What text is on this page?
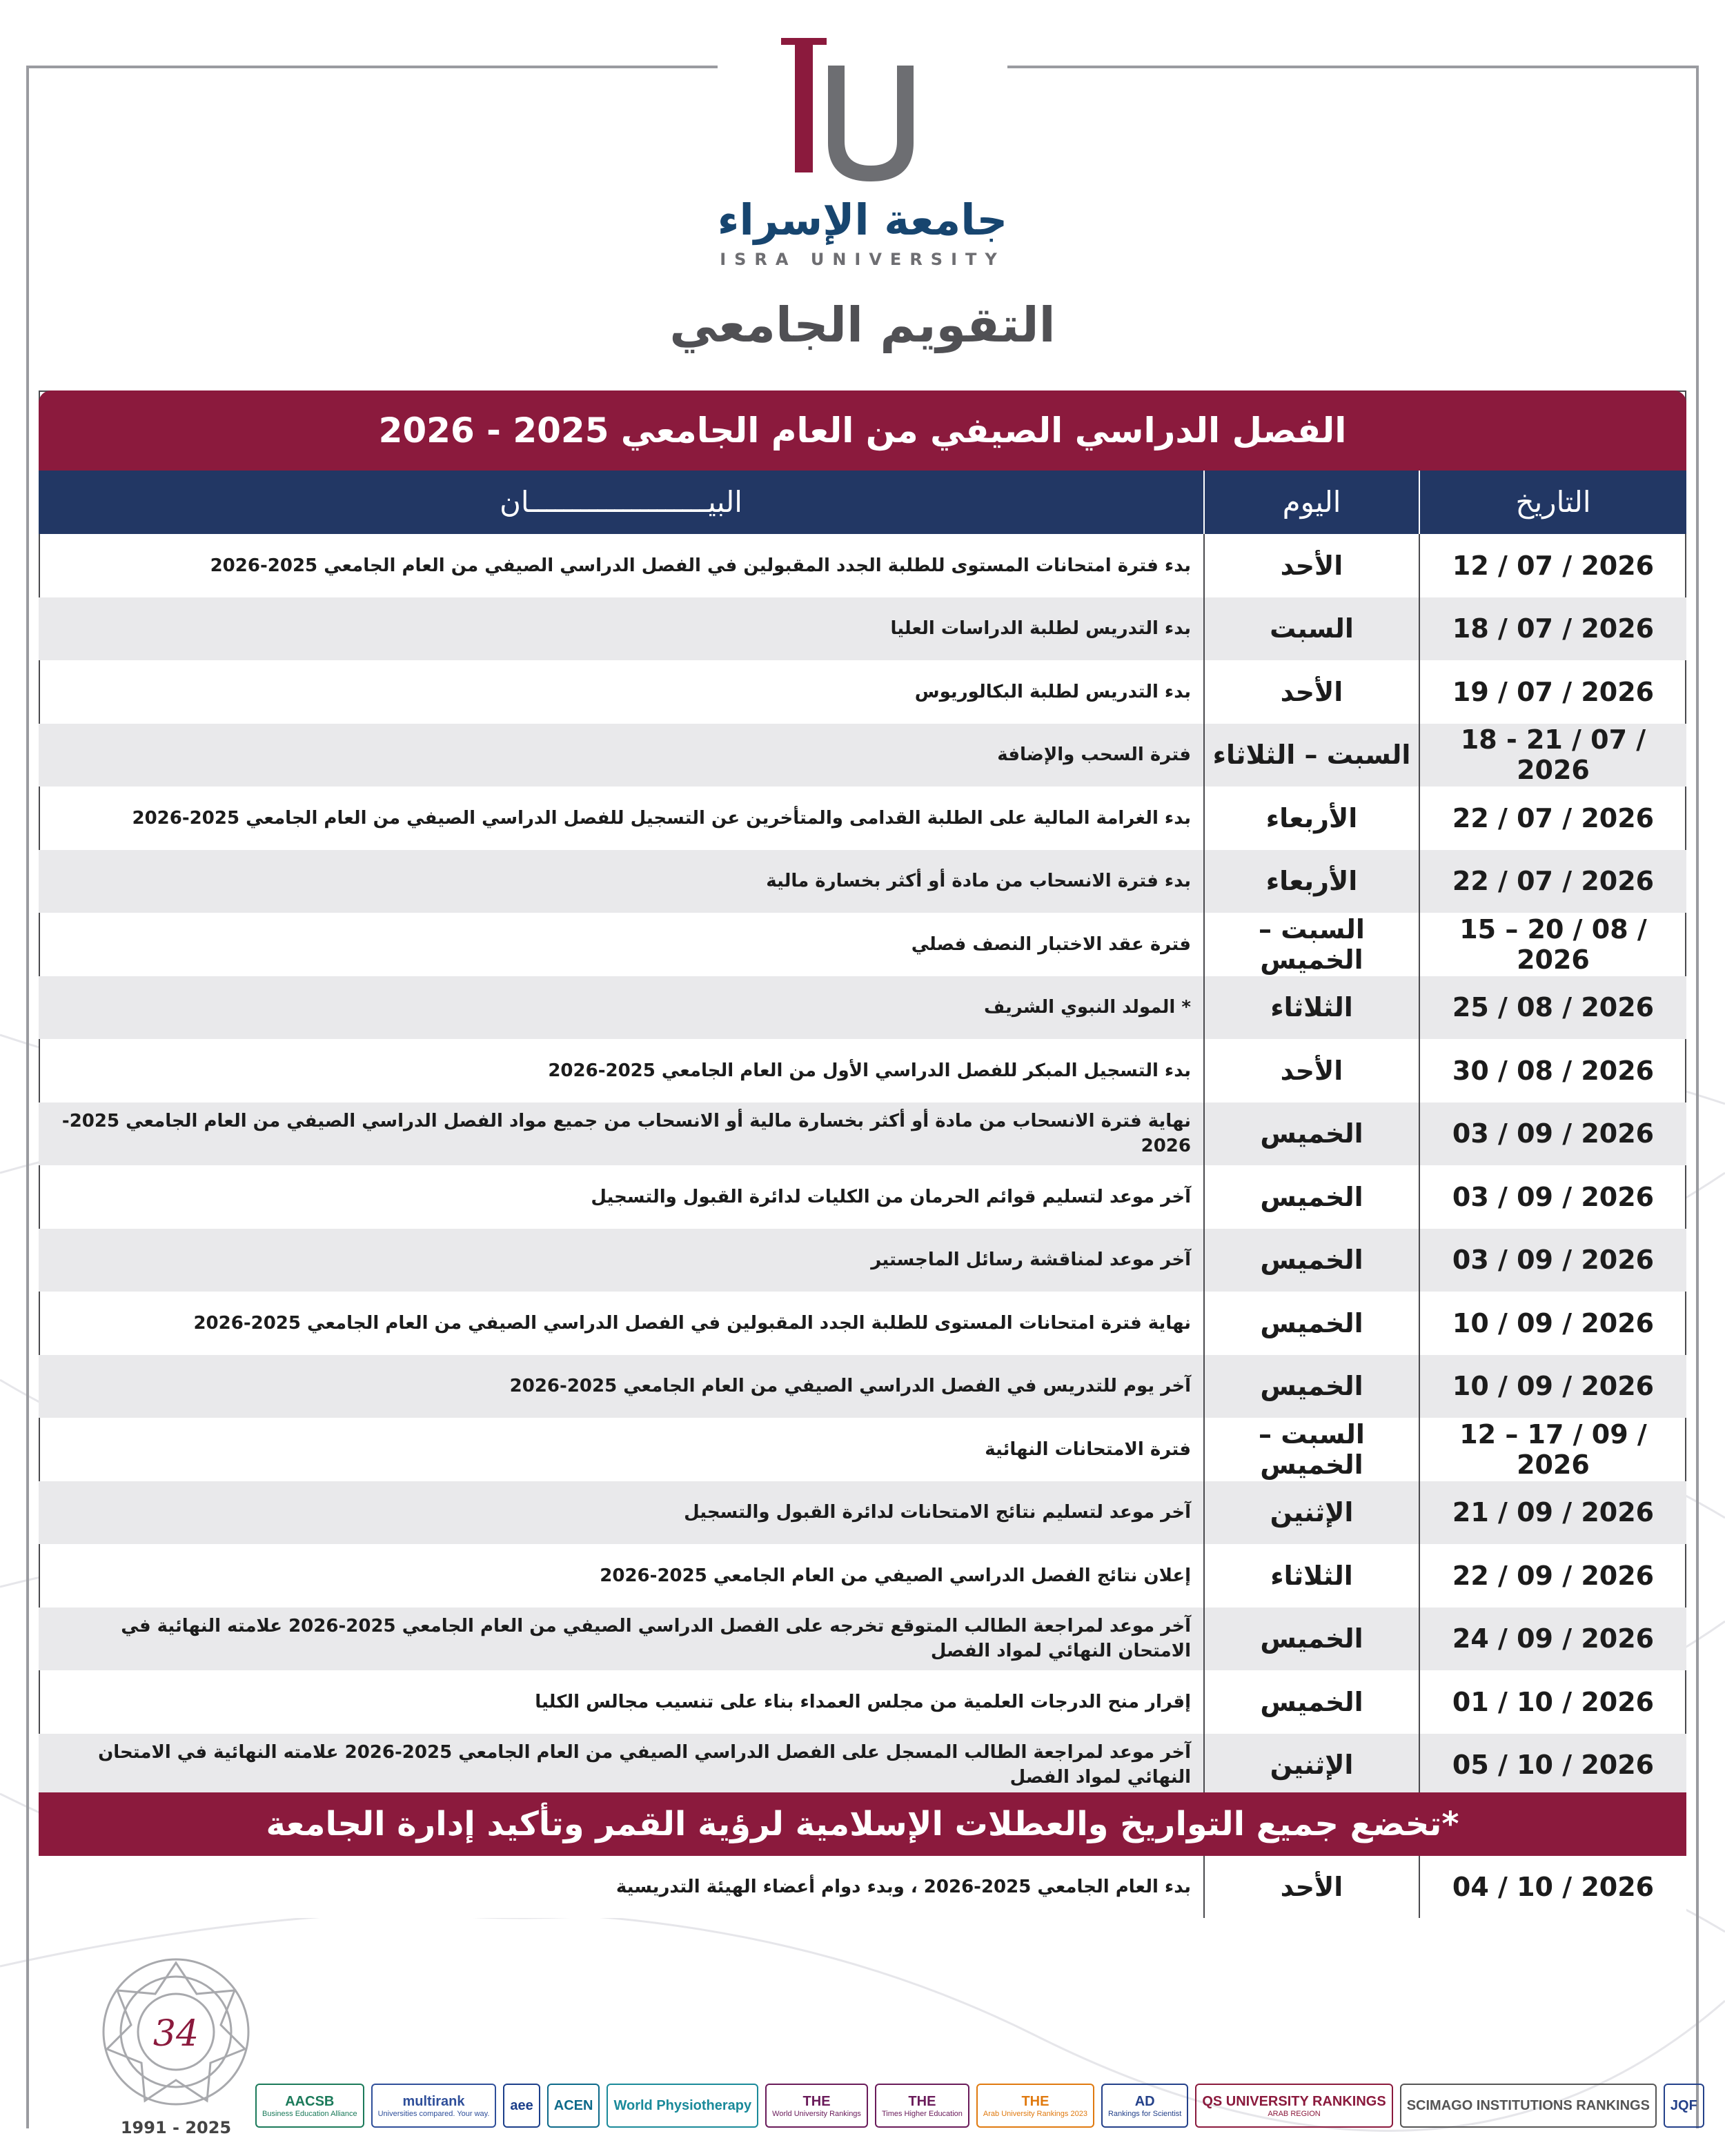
جامعة الإسراء
ISRA UNIVERSITY
التقويم الجامعي
الفصل الدراسي الصيفي من العام الجامعي 2025 - 2026
التاريخ
اليوم
البيـــــــــــــــــــــان
12 / 07 / 2026
الأحد
بدء فترة امتحانات المستوى للطلبة الجدد المقبولين في الفصل الدراسي الصيفي من العام الجامعي 2025-2026
18 / 07 / 2026
السبت
بدء التدريس لطلبة الدراسات العليا
19 / 07 / 2026
الأحد
بدء التدريس لطلبة البكالوريوس
18 - 21 / 07 / 2026
السبت – الثلاثاء
فترة السحب والإضافة
22 / 07 / 2026
الأربعاء
بدء الغرامة المالية على الطلبة القدامى والمتأخرين عن التسجيل للفصل الدراسي الصيفي من العام الجامعي 2025-2026
22 / 07 / 2026
الأربعاء
بدء فترة الانسحاب من مادة أو أكثر بخسارة مالية
15 – 20 / 08 / 2026
السبت – الخميس
فترة عقد الاختبار النصف فصلي
25 / 08 / 2026
الثلاثاء
* المولد النبوي الشريف
30 / 08 / 2026
الأحد
بدء التسجيل المبكر للفصل الدراسي الأول من العام الجامعي 2025-2026
03 / 09 / 2026
الخميس
نهاية فترة الانسحاب من مادة أو أكثر بخسارة مالية أو الانسحاب من جميع مواد الفصل الدراسي الصيفي من العام الجامعي 2025-2026
03 / 09 / 2026
الخميس
آخر موعد لتسليم قوائم الحرمان من الكليات لدائرة القبول والتسجيل
03 / 09 / 2026
الخميس
آخر موعد لمناقشة رسائل الماجستير
10 / 09 / 2026
الخميس
نهاية فترة امتحانات المستوى للطلبة الجدد المقبولين في الفصل الدراسي الصيفي من العام الجامعي 2025-2026
10 / 09 / 2026
الخميس
آخر يوم للتدريس في الفصل الدراسي الصيفي من العام الجامعي 2025-2026
12 – 17 / 09 / 2026
السبت – الخميس
فترة الامتحانات النهائية
21 / 09 / 2026
الإثنين
آخر موعد لتسليم نتائج الامتحانات لدائرة القبول والتسجيل
22 / 09 / 2026
الثلاثاء
إعلان نتائج الفصل الدراسي الصيفي من العام الجامعي 2025-2026
24 / 09 / 2026
الخميس
آخر موعد لمراجعة الطالب المتوقع تخرجه على الفصل الدراسي الصيفي من العام الجامعي 2025-2026 علامته النهائية في الامتحان النهائي لمواد الفصل
01 / 10 / 2026
الخميس
إقرار منح الدرجات العلمية من مجلس العمداء بناء على تنسيب مجالس الكليا
05 / 10 / 2026
الإثنين
آخر موعد لمراجعة الطالب المسجل على الفصل الدراسي الصيفي من العام الجامعي 2025-2026 علامته النهائية في الامتحان النهائي لمواد الفصل
*تخضع جميع التواريخ والعطلات الإسلامية لرؤية القمر وتأكيد إدارة الجامعة
04 / 10 / 2026
الأحد
بدء العام الجامعي 2025-2026 ، وبدء دوام أعضاء الهيئة التدريسية
34
1991 - 2025
AACSB
Business Education Alliance
multirank
Universities compared. Your way.
aee ACEN World Physiotherapy	THE
World University Rankings
THE
Times Higher Education
THE
Arab University Rankings 2023
AD
Rankings for Scientist
QS UNIVERSITY RANKINGS
ARAB REGION
SCIMAGO INSTITUTIONS RANKINGS JQF
